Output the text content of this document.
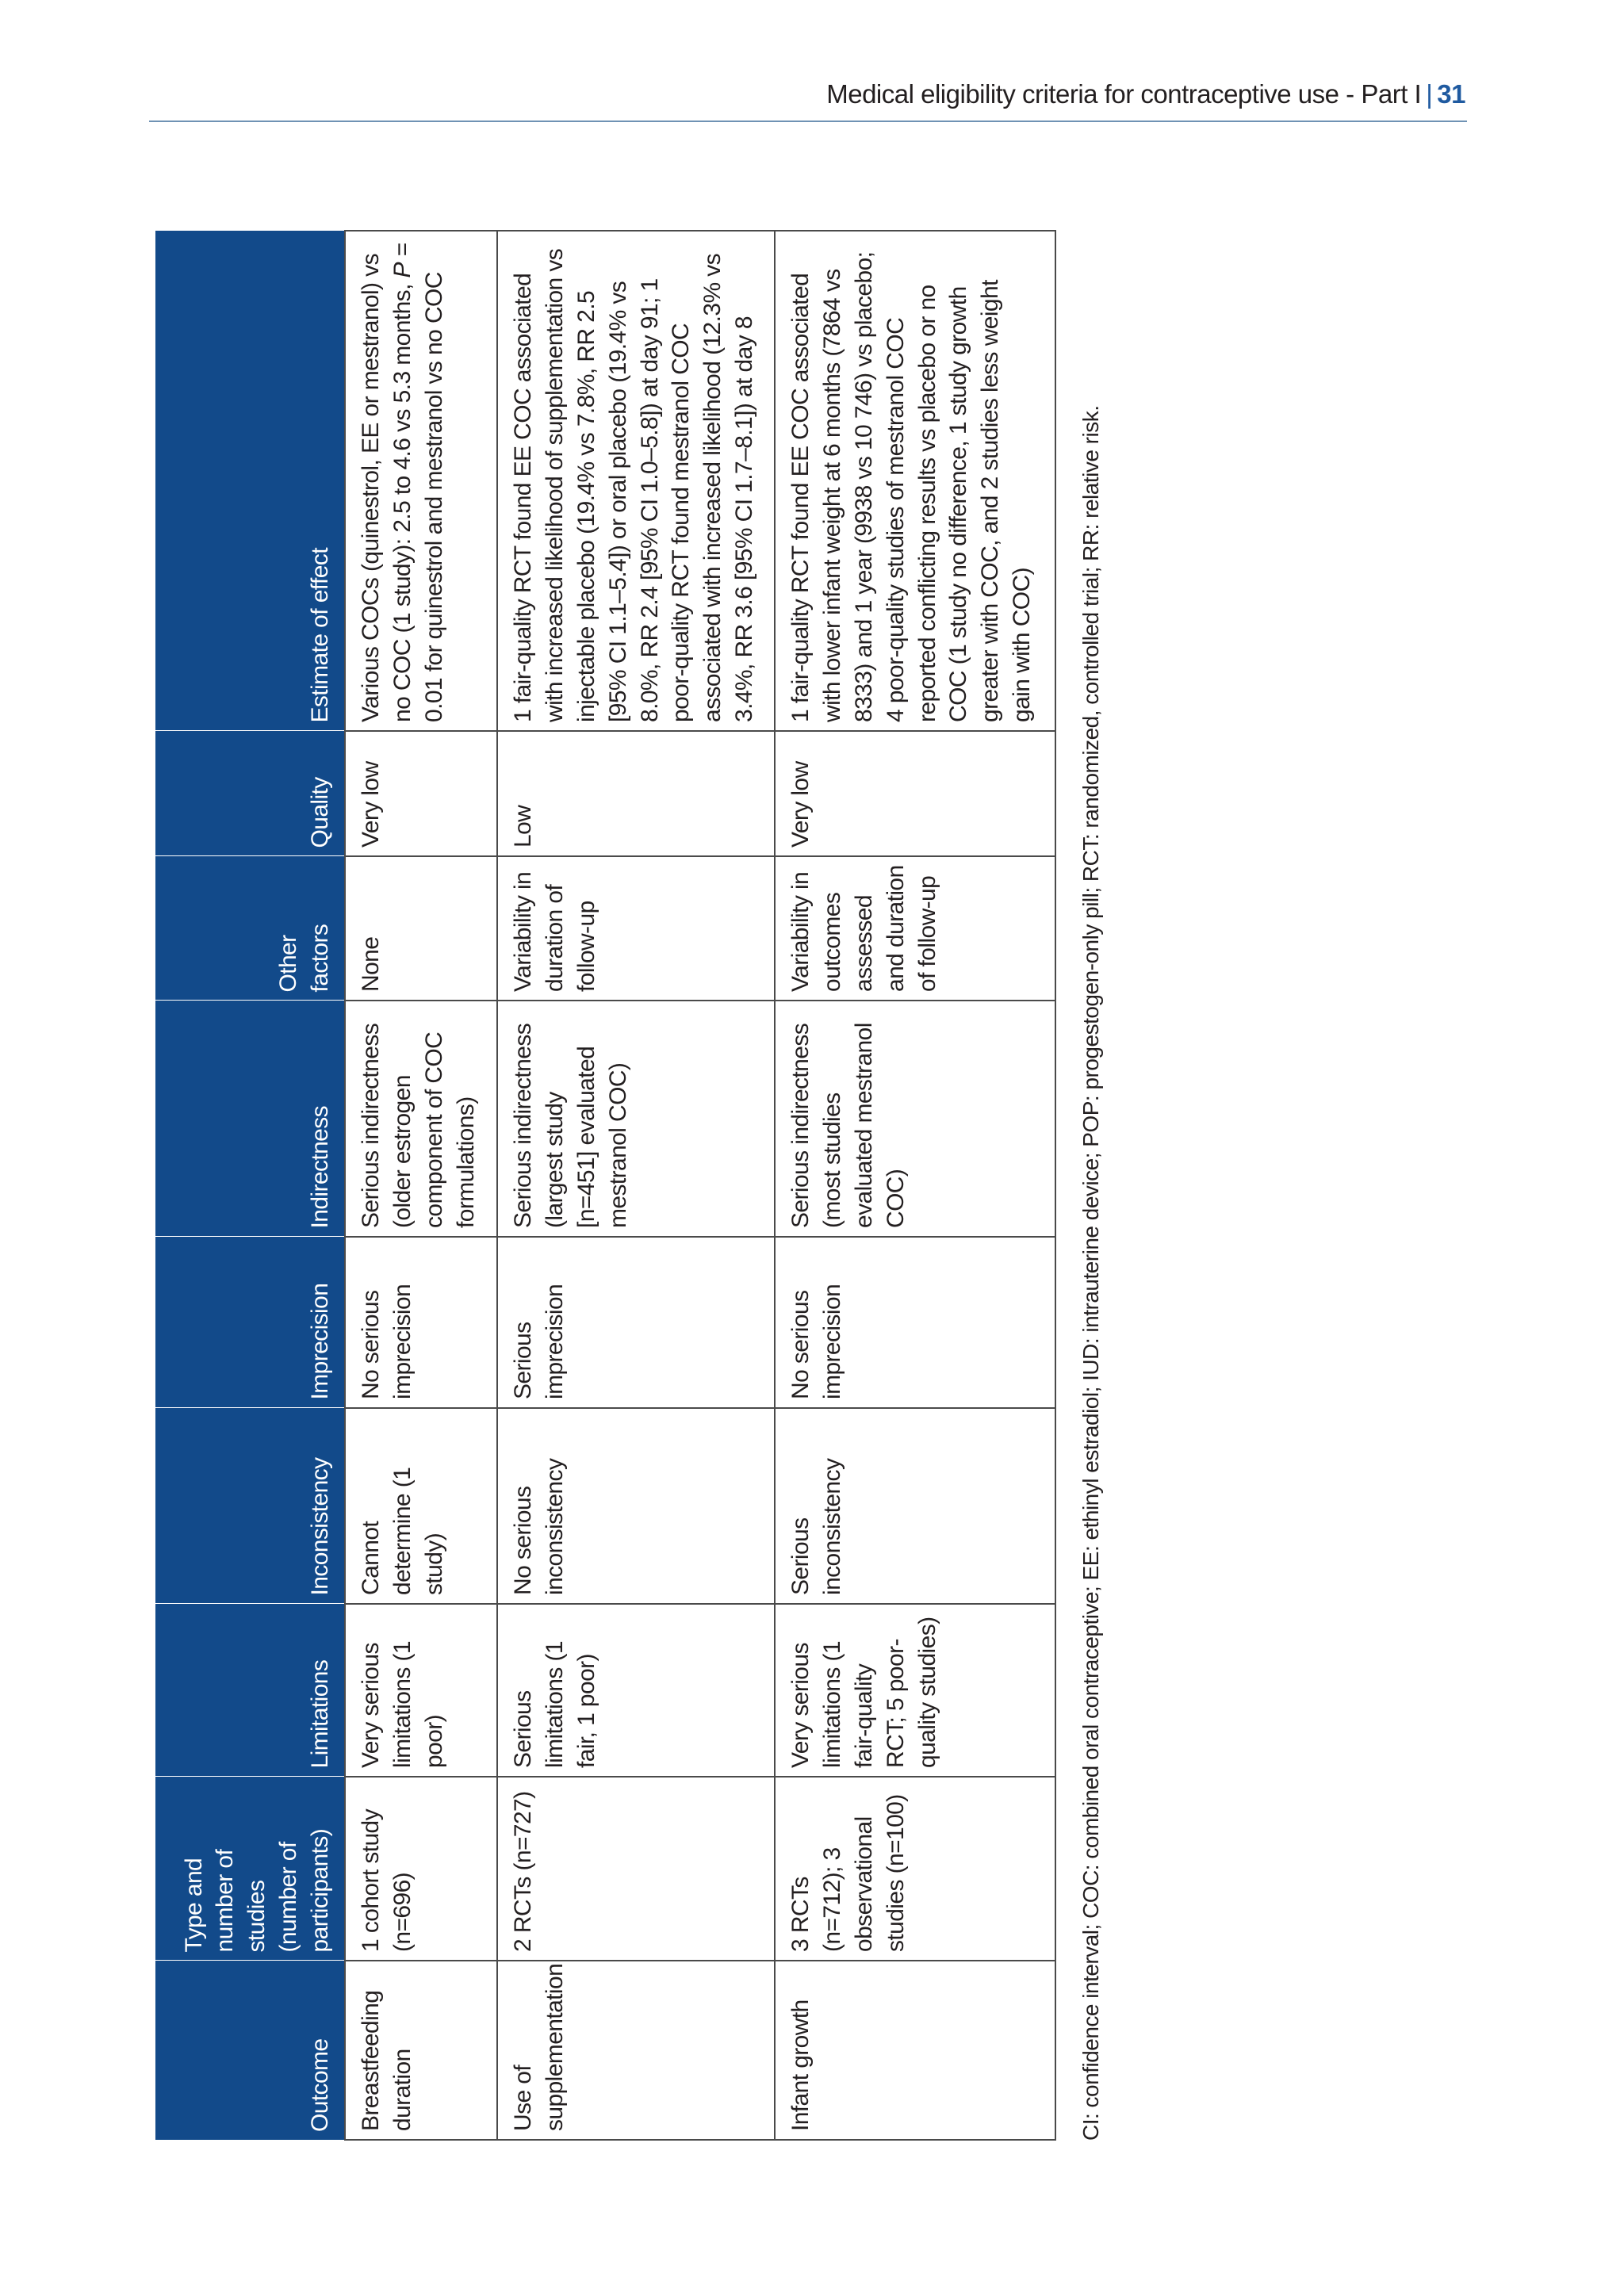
Medical eligibility criteria for contraceptive use - Part I | 31
Outcome	Type and number of studies (number of participants)	Limitations	Inconsistency	Imprecision	Indirectness	Other factors	Quality	Estimate of effect
Breastfeeding duration	1 cohort study (n=696)	Very serious limitations (1 poor)	Cannot determine (1 study)	No serious imprecision	Serious indirectness (older estrogen component of COC formulations)	None	Very low	Various COCs (quinestrol, EE or mestranol) vs no COC (1 study): 2.5 to 4.6 vs 5.3 months, P = 0.01 for quinestrol and mestranol vs no COC
Use of supplementation	2 RCTs (n=727)	Serious limitations (1 fair, 1 poor)	No serious inconsistency	Serious imprecision	Serious indirectness (largest study [n=451] evaluated mestranol COC)	Variability in duration of follow-up	Low	1 fair-quality RCT found EE COC associated with increased likelihood of supplementation vs injectable placebo (19.4% vs 7.8%, RR 2.5 [95% CI 1.1–5.4]) or oral placebo (19.4% vs 8.0%, RR 2.4 [95% CI 1.0–5.8]) at day 91; 1 poor-quality RCT found mestranol COC associated with increased likelihood (12.3% vs 3.4%, RR 3.6 [95% CI 1.7–8.1]) at day 8
Infant growth	3 RCTs (n=712); 3 observational studies (n=100)	Very serious limitations (1 fair-quality RCT; 5 poor-quality studies)	Serious inconsistency	No serious imprecision	Serious indirectness (most studies evaluated mestranol COC)	Variability in outcomes assessed and duration of follow-up	Very low	1 fair-quality RCT found EE COC associated with lower infant weight at 6 months (7864 vs 8333) and 1 year (9938 vs 10 746) vs placebo; 4 poor-quality studies of mestranol COC reported conflicting results vs placebo or no COC (1 study no difference, 1 study growth greater with COC, and 2 studies less weight gain with COC) CI: confidence interval; COC: combined oral contraceptive; EE: ethinyl estradiol; IUD: intrauterine device; POP: progestogen-only pill; RCT: randomized, controlled trial; RR: relative risk.
